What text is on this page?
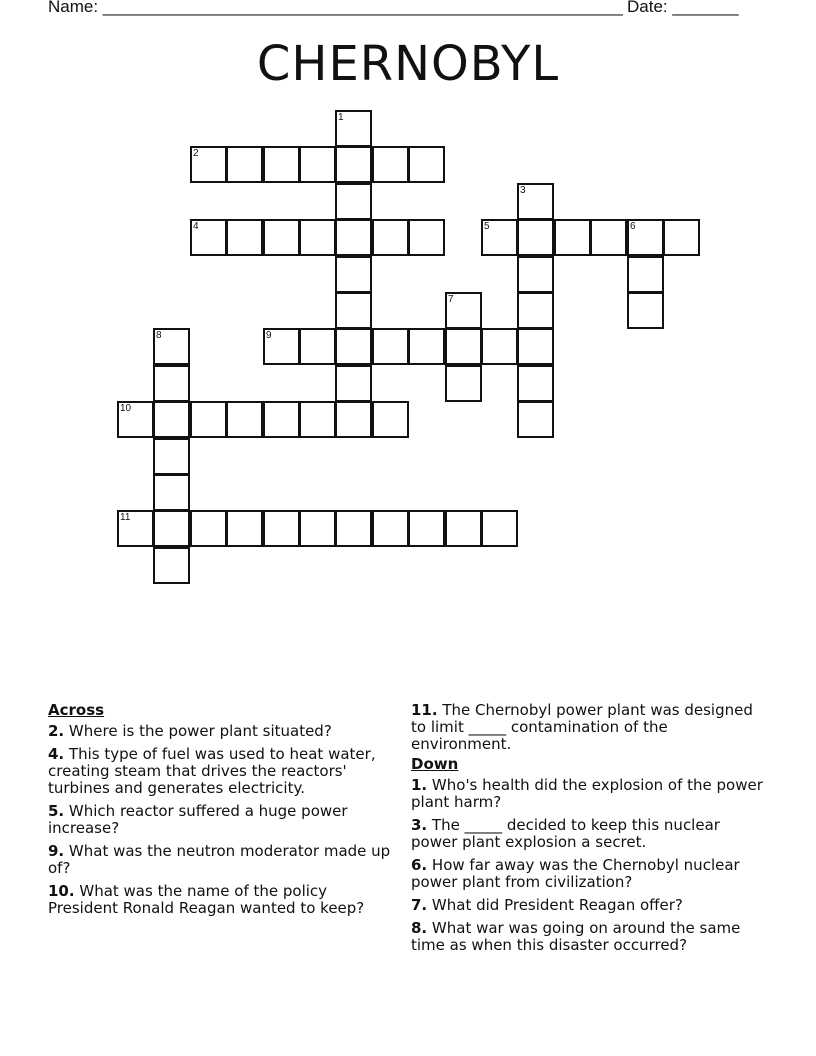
Name: _______________________________________________________

Date: _______

CHERNOBYL
1
2
3
4	5	6
7
8	9
10
11
Across
2. Where is the power plant situated?
4. This type of fuel was used to heat water, creating steam that drives the reactors' turbines and generates electricity.
5. Which reactor suffered a huge power increase?
9. What was the neutron moderator made up of?
10. What was the name of the policy President Ronald Reagan wanted to keep?
11. The Chernobyl power plant was designed to limit _____ contamination of the environment.
Down
1. Who's health did the explosion of the power plant harm?
3. The _____ decided to keep this nuclear power plant explosion a secret.
6. How far away was the Chernobyl nuclear power plant from civilization?
7. What did President Reagan offer?
8. What war was going on around the same time as when this disaster occurred?
